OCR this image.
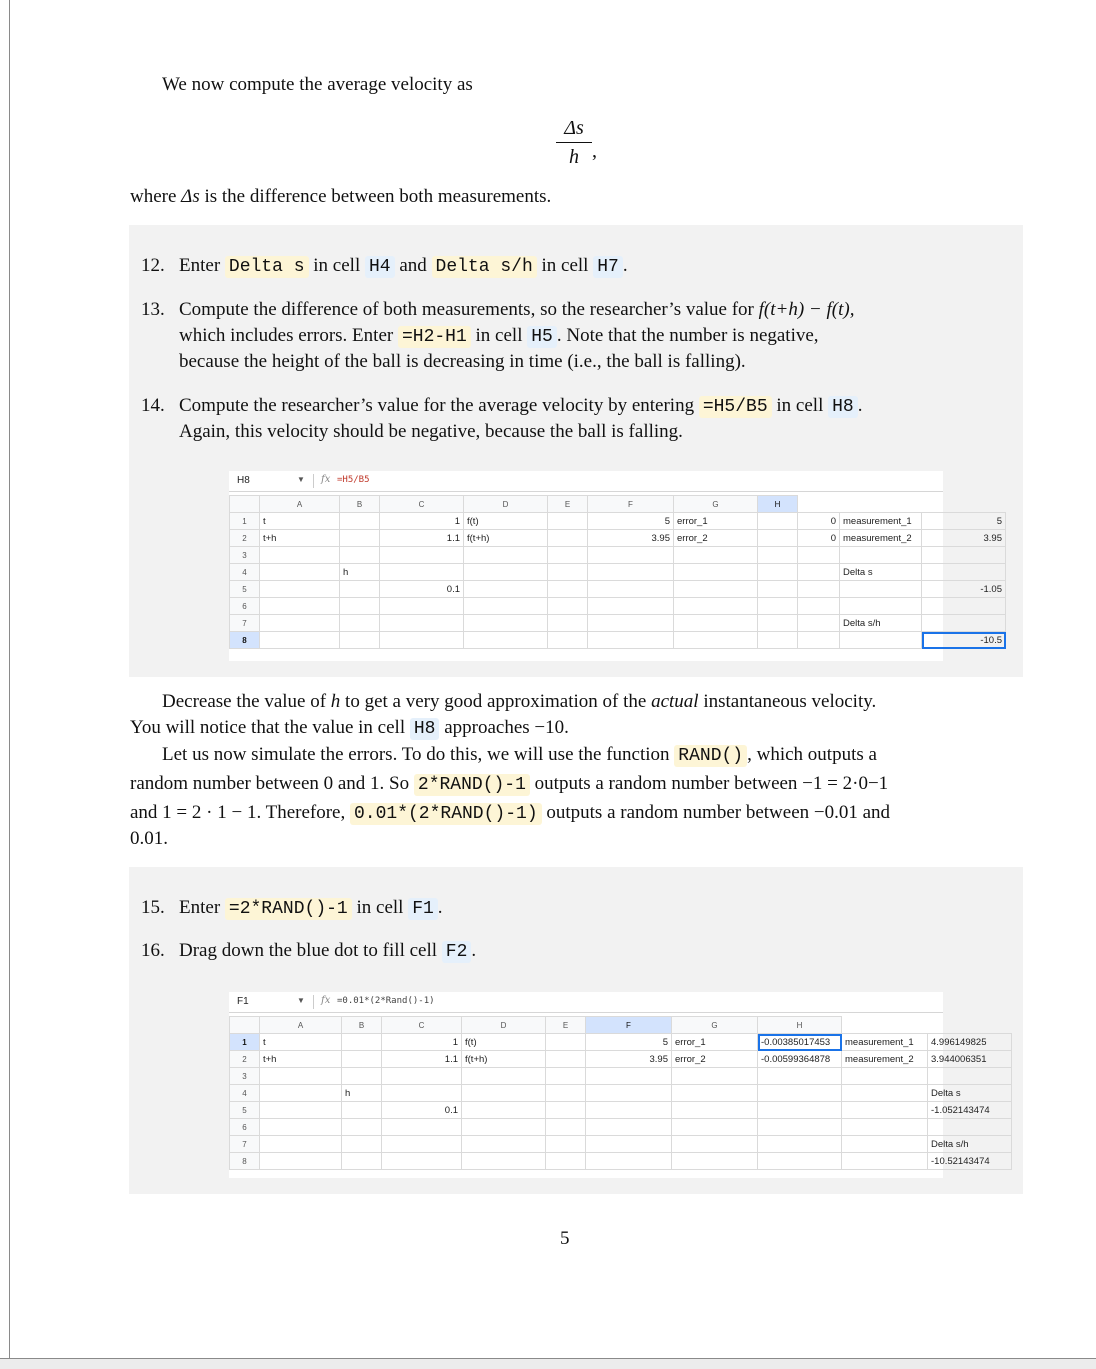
We now compute the average velocity as
Δs
h ,
where Δs is the difference between both measurements.
12. Enter Delta s in cell H4 and Delta s/h in cell H7 .
13. Compute the difference of both measurements, so the researcher’s value for f(t+h) − f(t),
which includes errors. Enter =H2-H1 in cell H5 . Note that the number is negative,
because the height of the ball is decreasing in time (i.e., the ball is falling).
14. Compute the researcher’s value for the average velocity by entering =H5/B5 in cell H8 .
Again, this velocity should be negative, because the ball is falling.
H8	▼ fx =H5/B5
	A	B	C	D	E	F	G	H			
1	t		1	f(t)		5	error_1		0	measurement_1	5
2	t+h		1.1	f(t+h)		3.95	error_2		0	measurement_2	3.95
3											
4		h								Delta s	
5			0.1								-1.05
6											
7										Delta s/h	
8											-10.5
Decrease the value of h to get a very good approximation of the actual instantaneous velocity.
You will notice that the value in cell H8 approaches −10.
Let us now simulate the errors. To do this, we will use the function RAND() , which outputs a
random number between 0 and 1. So 2*RAND()-1 outputs a random number between −1 = 2·0−1
and 1 = 2 · 1 − 1. Therefore, 0.01*(2*RAND()-1) outputs a random number between −0.01 and
0.01.
15. Enter =2*RAND()-1 in cell F1 .
16. Drag down the blue dot to fill cell F2 .
F1	▼ fx =0.01*(2*Rand()-1)
	A	B	C	D	E	F	G	H		
1	t		1	f(t)		5	error_1	-0.00385017453	measurement_1		4.996149825
2	t+h		1.1	f(t+h)		3.95	error_2	-0.00599364878	measurement_2		3.944006351
3											
4		h									Delta s
5			0.1								-1.052143474
6											
7											Delta s/h
8											-10.52143474
5
